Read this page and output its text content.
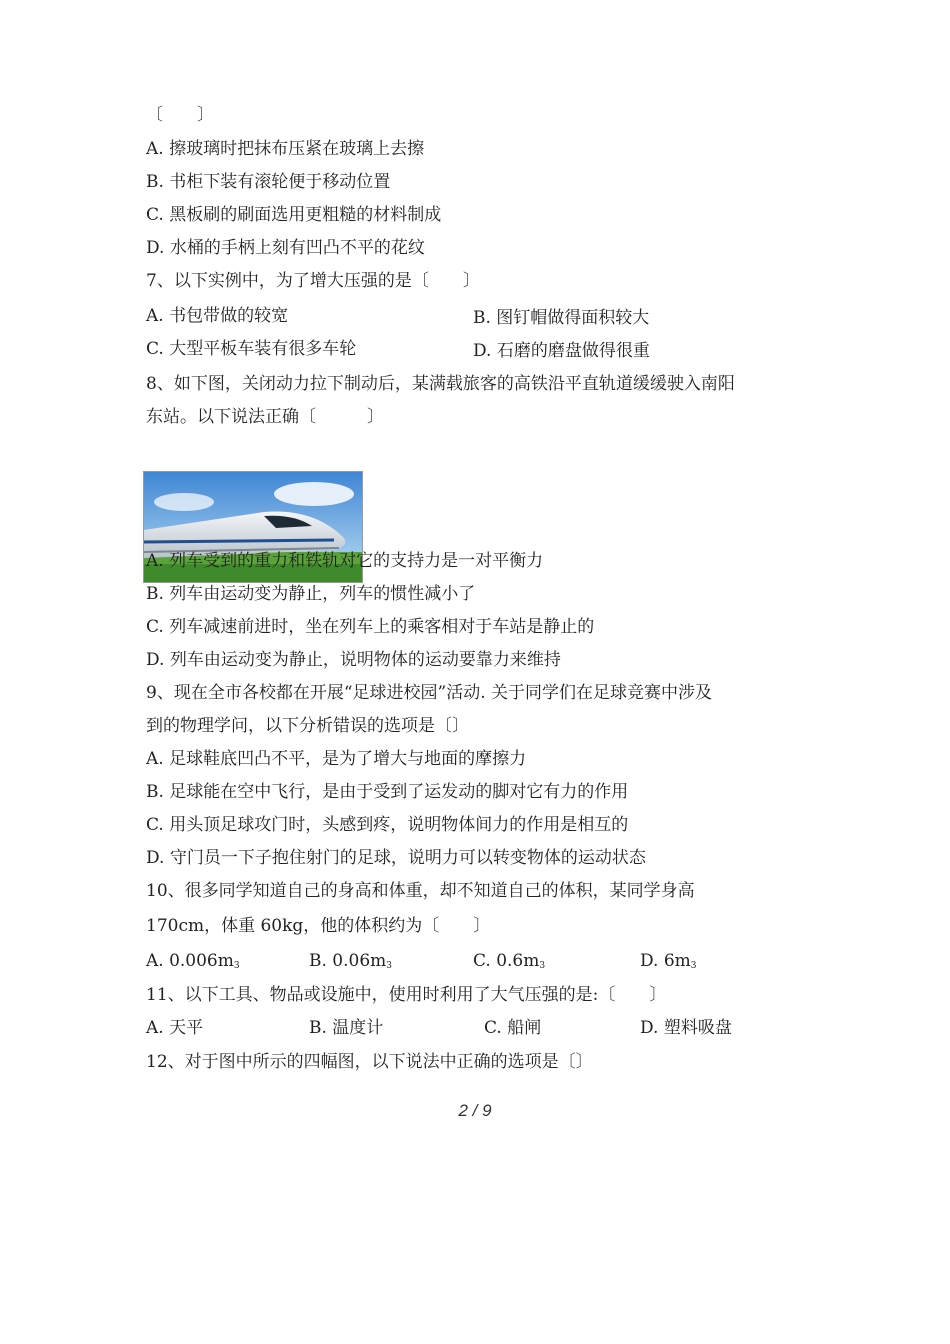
〔　　〕
A. 擦玻璃时把抹布压紧在玻璃上去擦
B. 书柜下装有滚轮便于移动位置
C. 黑板刷的刷面选用更粗糙的材料制成
D. 水桶的手柄上刻有凹凸不平的花纹
7、以下实例中，为了增大压强的是〔　　〕
A. 书包带做的较宽	B. 图钉帽做得面积较大
C. 大型平板车装有很多车轮	D. 石磨的磨盘做得很重
8、如下图，关闭动力拉下制动后，某满载旅客的高铁沿平直轨道缓缓驶入南阳
东站。以下说法正确〔　　　〕
A. 列车受到的重力和铁轨对它的支持力是一对平衡力
B. 列车由运动变为静止，列车的惯性减小了
C. 列车减速前进时，坐在列车上的乘客相对于车站是静止的
D. 列车由运动变为静止，说明物体的运动要靠力来维持
9、现在全市各校都在开展“足球进校园”活动. 关于同学们在足球竞赛中涉及
到的物理学问，以下分析错误的选项是〔〕
A. 足球鞋底凹凸不平，是为了增大与地面的摩擦力
B. 足球能在空中飞行，是由于受到了运发动的脚对它有力的作用
C. 用头顶足球攻门时，头感到疼，说明物体间力的作用是相互的
D. 守门员一下子抱住射门的足球，说明力可以转变物体的运动状态
10、很多同学知道自己的身高和体重，却不知道自己的体积，某同学身高
170cm，体重 60kg，他的体积约为〔　　〕
A. $0.006m_3$	B. $0.06m_3$	C. $0.6m_3$	D. $6m_3$
11、以下工具、物品或设施中，使用时利用了大气压强的是:〔　　〕
A. 天平	B. 温度计	C. 船闸	D. 塑料吸盘
12、对于图中所示的四幅图，以下说法中正确的选项是〔〕
2 / 9
